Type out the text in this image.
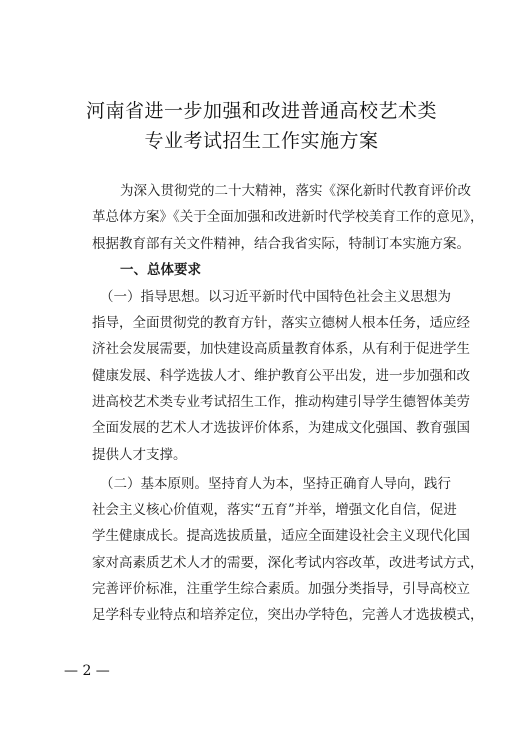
河南省进一步加强和改进普通高校艺术类
专业考试招生工作实施方案
为深入贯彻党的二十大精神，落实《深化新时代教育评价改
革总体方案》《关于全面加强和改进新时代学校美育工作的意见》，
根据教育部有关文件精神，结合我省实际，特制订本实施方案。
一、总体要求
（一）指导思想。以习近平新时代中国特色社会主义思想为
指导，全面贯彻党的教育方针，落实立德树人根本任务，适应经
济社会发展需要，加快建设高质量教育体系，从有利于促进学生
健康发展、科学选拔人才、维护教育公平出发，进一步加强和改
进高校艺术类专业考试招生工作，推动构建引导学生德智体美劳
全面发展的艺术人才选拔评价体系，为建成文化强国、教育强国
提供人才支撑。
（二）基本原则。坚持育人为本，坚持正确育人导向，践行
社会主义核心价值观，落实“五育”并举，增强文化自信，促进
学生健康成长。提高选拔质量，适应全面建设社会主义现代化国
家对高素质艺术人才的需要，深化考试内容改革，改进考试方式，
完善评价标准，注重学生综合素质。加强分类指导，引导高校立
足学科专业特点和培养定位，突出办学特色，完善人才选拔模式，
— 2 —
